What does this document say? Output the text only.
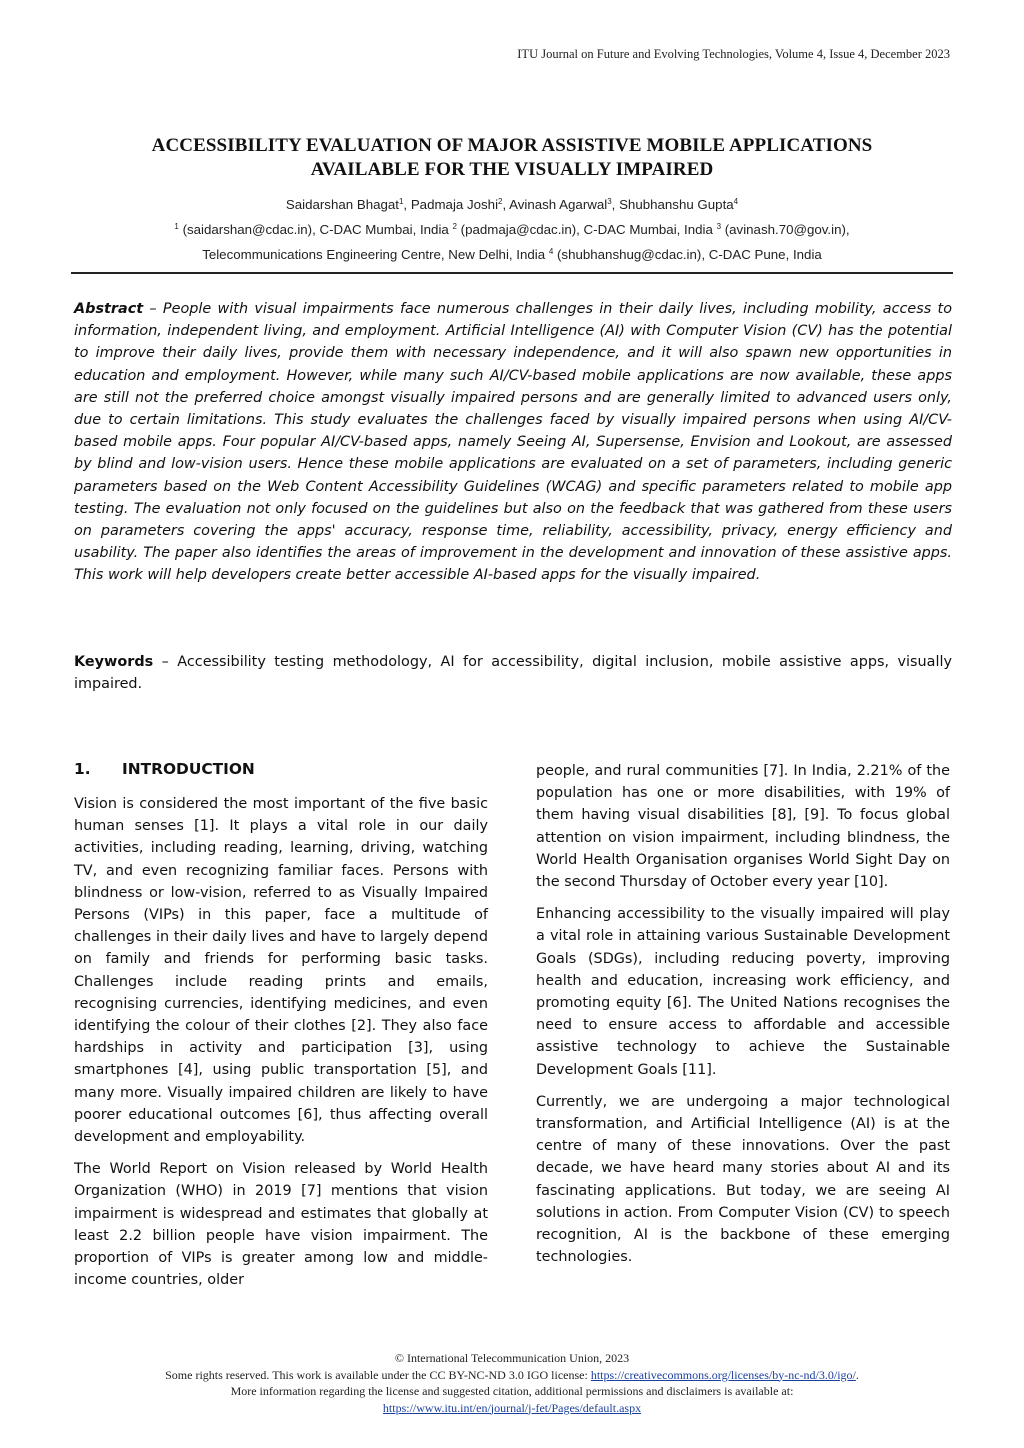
ITU Journal on Future and Evolving Technologies, Volume 4, Issue 4, December 2023
ACCESSIBILITY EVALUATION OF MAJOR ASSISTIVE MOBILE APPLICATIONS
AVAILABLE FOR THE VISUALLY IMPAIRED
Saidarshan Bhagat$^1$, Padmaja Joshi$^2$, Avinash Agarwal$^3$, Shubhanshu Gupta$^4$
$^1$ (saidarshan@cdac.in), C-DAC Mumbai, India $^2$ (padmaja@cdac.in), C-DAC Mumbai, India $^3$ (avinash.70@gov.in),
Telecommunications Engineering Centre, New Delhi, India $^4$ (shubhanshug@cdac.in), C-DAC Pune, India
Abstract – People with visual impairments face numerous challenges in their daily lives, including mobility, access to information, independent living, and employment. Artificial Intelligence (AI) with Computer Vision (CV) has the potential to improve their daily lives, provide them with necessary independence, and it will also spawn new opportunities in education and employment. However, while many such AI/CV-based mobile applications are now available, these apps are still not the preferred choice amongst visually impaired persons and are generally limited to advanced users only, due to certain limitations. This study evaluates the challenges faced by visually impaired persons when using AI/CV-based mobile apps. Four popular AI/CV-based apps, namely Seeing AI, Supersense, Envision and Lookout, are assessed by blind and low-vision users. Hence these mobile applications are evaluated on a set of parameters, including generic parameters based on the Web Content Accessibility Guidelines (WCAG) and specific parameters related to mobile app testing. The evaluation not only focused on the guidelines but also on the feedback that was gathered from these users on parameters covering the apps' accuracy, response time, reliability, accessibility, privacy, energy efficiency and usability. The paper also identifies the areas of improvement in the development and innovation of these assistive apps. This work will help developers create better accessible AI-based apps for the visually impaired.
Keywords – Accessibility testing methodology, AI for accessibility, digital inclusion, mobile assistive apps, visually impaired.
1. INTRODUCTION

Vision is considered the most important of the five basic human senses [1]. It plays a vital role in our daily activities, including reading, learning, driving, watching TV, and even recognizing familiar faces. Persons with blindness or low-vision, referred to as Visually Impaired Persons (VIPs) in this paper, face a multitude of challenges in their daily lives and have to largely depend on family and friends for performing basic tasks. Challenges include reading prints and emails, recognising currencies, identifying medicines, and even identifying the colour of their clothes [2]. They also face hardships in activity and participation [3], using smartphones [4], using public transportation [5], and many more. Visually impaired children are likely to have poorer educational outcomes [6], thus affecting overall development and employability.

The World Report on Vision released by World Health Organization (WHO) in 2019 [7] mentions that vision impairment is widespread and estimates that globally at least 2.2 billion people have vision impairment. The proportion of VIPs is greater among low and middle-income countries, older

people, and rural communities [7]. In India, 2.21% of the population has one or more disabilities, with 19% of them having visual disabilities [8], [9]. To focus global attention on vision impairment, including blindness, the World Health Organisation organises World Sight Day on the second Thursday of October every year [10].

Enhancing accessibility to the visually impaired will play a vital role in attaining various Sustainable Development Goals (SDGs), including reducing poverty, improving health and education, increasing work efficiency, and promoting equity [6]. The United Nations recognises the need to ensure access to affordable and accessible assistive technology to achieve the Sustainable Development Goals [11].

Currently, we are undergoing a major technological transformation, and Artificial Intelligence (AI) is at the centre of many of these innovations. Over the past decade, we have heard many stories about AI and its fascinating applications. But today, we are seeing AI solutions in action. From Computer Vision (CV) to speech recognition, AI is the backbone of these emerging technologies.

© International Telecommunication Union, 2023
Some rights reserved. This work is available under the CC BY-NC-ND 3.0 IGO license: https://creativecommons.org/licenses/by-nc-nd/3.0/igo/.
More information regarding the license and suggested citation, additional permissions and disclaimers is available at:
https://www.itu.int/en/journal/j-fet/Pages/default.aspx
